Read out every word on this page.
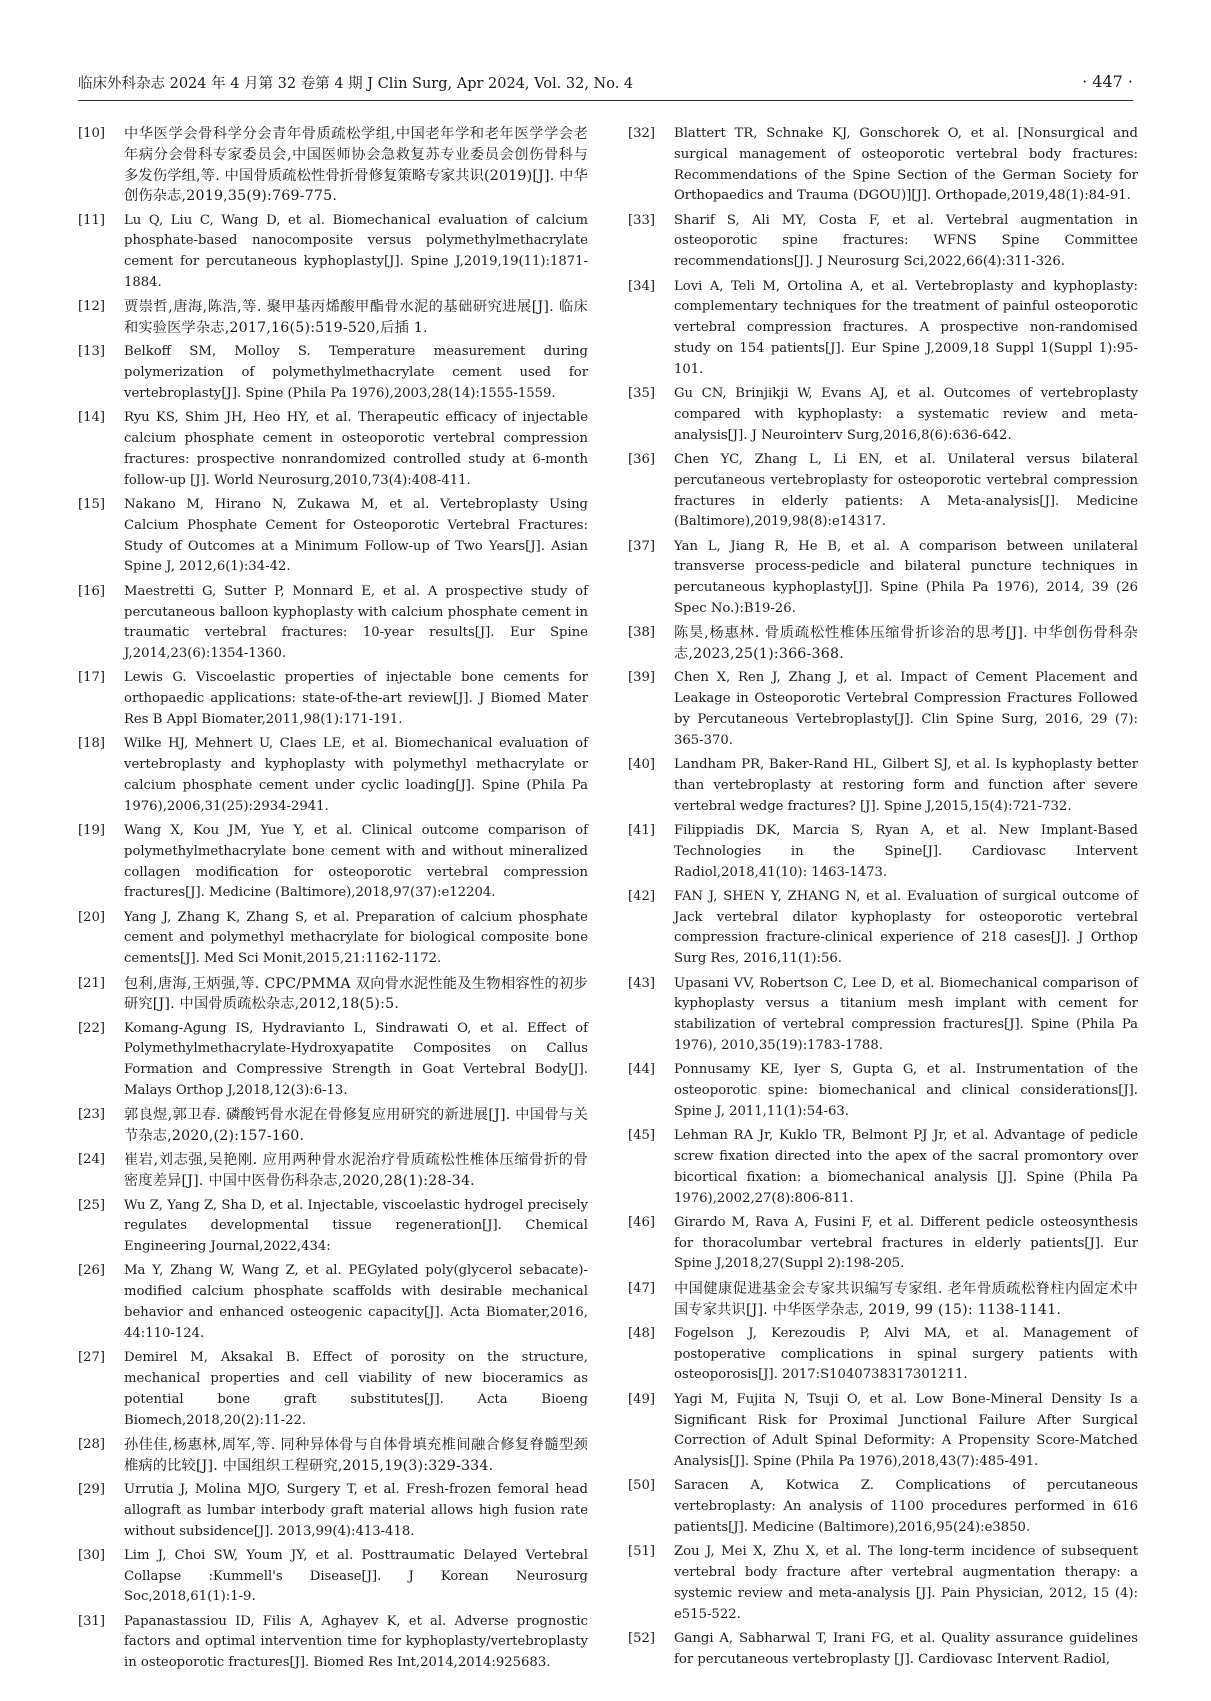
临床外科杂志 2024 年 4 月第 32 卷第 4 期 J Clin Surg, Apr 2024, Vol. 32, No. 4	· 447 ·
[10]	中华医学会骨科学分会青年骨质疏松学组,中国老年学和老年医学学会老年病分会骨科专家委员会,中国医师协会急救复苏专业委员会创伤骨科与多发伤学组,等. 中国骨质疏松性骨折骨修复策略专家共识(2019)[J]. 中华创伤杂志,2019,35(9):769-775.
[11]	Lu Q, Liu C, Wang D, et al. Biomechanical evaluation of calcium phosphate-based nanocomposite versus polymethylmethacrylate cement for percutaneous kyphoplasty[J]. Spine J,2019,19(11):1871-1884.
[12]	贾崇哲,唐海,陈浩,等. 聚甲基丙烯酸甲酯骨水泥的基础研究进展[J]. 临床和实验医学杂志,2017,16(5):519-520,后插 1.
[13]	Belkoff SM, Molloy S. Temperature measurement during polymerization of polymethylmethacrylate cement used for vertebroplasty[J]. Spine (Phila Pa 1976),2003,28(14):1555-1559.
[14]	Ryu KS, Shim JH, Heo HY, et al. Therapeutic efficacy of injectable calcium phosphate cement in osteoporotic vertebral compression fractures: prospective nonrandomized controlled study at 6-month follow-up [J]. World Neurosurg,2010,73(4):408-411.
[15]	Nakano M, Hirano N, Zukawa M, et al. Vertebroplasty Using Calcium Phosphate Cement for Osteoporotic Vertebral Fractures: Study of Outcomes at a Minimum Follow-up of Two Years[J]. Asian Spine J, 2012,6(1):34-42.
[16]	Maestretti G, Sutter P, Monnard E, et al. A prospective study of percutaneous balloon kyphoplasty with calcium phosphate cement in traumatic vertebral fractures: 10-year results[J]. Eur Spine J,2014,23(6):1354-1360.
[17]	Lewis G. Viscoelastic properties of injectable bone cements for orthopaedic applications: state-of-the-art review[J]. J Biomed Mater Res B Appl Biomater,2011,98(1):171-191.
[18]	Wilke HJ, Mehnert U, Claes LE, et al. Biomechanical evaluation of vertebroplasty and kyphoplasty with polymethyl methacrylate or calcium phosphate cement under cyclic loading[J]. Spine (Phila Pa 1976),2006,31(25):2934-2941.
[19]	Wang X, Kou JM, Yue Y, et al. Clinical outcome comparison of polymethylmethacrylate bone cement with and without mineralized collagen modification for osteoporotic vertebral compression fractures[J]. Medicine (Baltimore),2018,97(37):e12204.
[20]	Yang J, Zhang K, Zhang S, et al. Preparation of calcium phosphate cement and polymethyl methacrylate for biological composite bone cements[J]. Med Sci Monit,2015,21:1162-1172.
[21]	包利,唐海,王炳强,等. CPC/PMMA 双向骨水泥性能及生物相容性的初步研究[J]. 中国骨质疏松杂志,2012,18(5):5.
[22]	Komang-Agung IS, Hydravianto L, Sindrawati O, et al. Effect of Polymethylmethacrylate-Hydroxyapatite Composites on Callus Formation and Compressive Strength in Goat Vertebral Body[J]. Malays Orthop J,2018,12(3):6-13.
[23]	郭良煜,郭卫春. 磷酸钙骨水泥在骨修复应用研究的新进展[J]. 中国骨与关节杂志,2020,(2):157-160.
[24]	崔岩,刘志强,吴艳刚. 应用两种骨水泥治疗骨质疏松性椎体压缩骨折的骨密度差异[J]. 中国中医骨伤科杂志,2020,28(1):28-34.
[25]	Wu Z, Yang Z, Sha D, et al. Injectable, viscoelastic hydrogel precisely regulates developmental tissue regeneration[J]. Chemical Engineering Journal,2022,434:
[26]	Ma Y, Zhang W, Wang Z, et al. PEGylated poly(glycerol sebacate)-modified calcium phosphate scaffolds with desirable mechanical behavior and enhanced osteogenic capacity[J]. Acta Biomater,2016, 44:110-124.
[27]	Demirel M, Aksakal B. Effect of porosity on the structure, mechanical properties and cell viability of new bioceramics as potential bone graft substitutes[J]. Acta Bioeng Biomech,2018,20(2):11-22.
[28]	孙佳佳,杨惠林,周军,等. 同种异体骨与自体骨填充椎间融合修复脊髓型颈椎病的比较[J]. 中国组织工程研究,2015,19(3):329-334.
[29]	Urrutia J, Molina MJO, Surgery T, et al. Fresh-frozen femoral head allograft as lumbar interbody graft material allows high fusion rate without subsidence[J]. 2013,99(4):413-418.
[30]	Lim J, Choi SW, Youm JY, et al. Posttraumatic Delayed Vertebral Collapse :Kummell's Disease[J]. J Korean Neurosurg Soc,2018,61(1):1-9.
[31]	Papanastassiou ID, Filis A, Aghayev K, et al. Adverse prognostic factors and optimal intervention time for kyphoplasty/vertebroplasty in osteoporotic fractures[J]. Biomed Res Int,2014,2014:925683.
[32]	Blattert TR, Schnake KJ, Gonschorek O, et al. [Nonsurgical and surgical management of osteoporotic vertebral body fractures: Recommendations of the Spine Section of the German Society for Orthopaedics and Trauma (DGOU)][J]. Orthopade,2019,48(1):84-91.
[33]	Sharif S, Ali MY, Costa F, et al. Vertebral augmentation in osteoporotic spine fractures: WFNS Spine Committee recommendations[J]. J Neurosurg Sci,2022,66(4):311-326.
[34]	Lovi A, Teli M, Ortolina A, et al. Vertebroplasty and kyphoplasty: complementary techniques for the treatment of painful osteoporotic vertebral compression fractures. A prospective non-randomised study on 154 patients[J]. Eur Spine J,2009,18 Suppl 1(Suppl 1):95-101.
[35]	Gu CN, Brinjikji W, Evans AJ, et al. Outcomes of vertebroplasty compared with kyphoplasty: a systematic review and meta-analysis[J]. J Neurointerv Surg,2016,8(6):636-642.
[36]	Chen YC, Zhang L, Li EN, et al. Unilateral versus bilateral percutaneous vertebroplasty for osteoporotic vertebral compression fractures in elderly patients: A Meta-analysis[J]. Medicine (Baltimore),2019,98(8):e14317.
[37]	Yan L, Jiang R, He B, et al. A comparison between unilateral transverse process-pedicle and bilateral puncture techniques in percutaneous kyphoplasty[J]. Spine (Phila Pa 1976), 2014, 39 (26 Spec No.):B19-26.
[38]	陈昊,杨惠林. 骨质疏松性椎体压缩骨折诊治的思考[J]. 中华创伤骨科杂志,2023,25(1):366-368.
[39]	Chen X, Ren J, Zhang J, et al. Impact of Cement Placement and Leakage in Osteoporotic Vertebral Compression Fractures Followed by Percutaneous Vertebroplasty[J]. Clin Spine Surg, 2016, 29 (7): 365-370.
[40]	Landham PR, Baker-Rand HL, Gilbert SJ, et al. Is kyphoplasty better than vertebroplasty at restoring form and function after severe vertebral wedge fractures? [J]. Spine J,2015,15(4):721-732.
[41]	Filippiadis DK, Marcia S, Ryan A, et al. New Implant-Based Technologies in the Spine[J]. Cardiovasc Intervent Radiol,2018,41(10): 1463-1473.
[42]	FAN J, SHEN Y, ZHANG N, et al. Evaluation of surgical outcome of Jack vertebral dilator kyphoplasty for osteoporotic vertebral compression fracture-clinical experience of 218 cases[J]. J Orthop Surg Res, 2016,11(1):56.
[43]	Upasani VV, Robertson C, Lee D, et al. Biomechanical comparison of kyphoplasty versus a titanium mesh implant with cement for stabilization of vertebral compression fractures[J]. Spine (Phila Pa 1976), 2010,35(19):1783-1788.
[44]	Ponnusamy KE, Iyer S, Gupta G, et al. Instrumentation of the osteoporotic spine: biomechanical and clinical considerations[J]. Spine J, 2011,11(1):54-63.
[45]	Lehman RA Jr, Kuklo TR, Belmont PJ Jr, et al. Advantage of pedicle screw fixation directed into the apex of the sacral promontory over bicortical fixation: a biomechanical analysis [J]. Spine (Phila Pa 1976),2002,27(8):806-811.
[46]	Girardo M, Rava A, Fusini F, et al. Different pedicle osteosynthesis for thoracolumbar vertebral fractures in elderly patients[J]. Eur Spine J,2018,27(Suppl 2):198-205.
[47]	中国健康促进基金会专家共识编写专家组. 老年骨质疏松脊柱内固定术中国专家共识[J]. 中华医学杂志, 2019, 99 (15): 1138-1141.
[48]	Fogelson J, Kerezoudis P, Alvi MA, et al. Management of postoperative complications in spinal surgery patients with osteoporosis[J]. 2017:S1040738317301211.
[49]	Yagi M, Fujita N, Tsuji O, et al. Low Bone-Mineral Density Is a Significant Risk for Proximal Junctional Failure After Surgical Correction of Adult Spinal Deformity: A Propensity Score-Matched Analysis[J]. Spine (Phila Pa 1976),2018,43(7):485-491.
[50]	Saracen A, Kotwica Z. Complications of percutaneous vertebroplasty: An analysis of 1100 procedures performed in 616 patients[J]. Medicine (Baltimore),2016,95(24):e3850.
[51]	Zou J, Mei X, Zhu X, et al. The long-term incidence of subsequent vertebral body fracture after vertebral augmentation therapy: a systemic review and meta-analysis [J]. Pain Physician, 2012, 15 (4): e515-522.
[52]	Gangi A, Sabharwal T, Irani FG, et al. Quality assurance guidelines for percutaneous vertebroplasty [J]. Cardiovasc Intervent Radiol,
